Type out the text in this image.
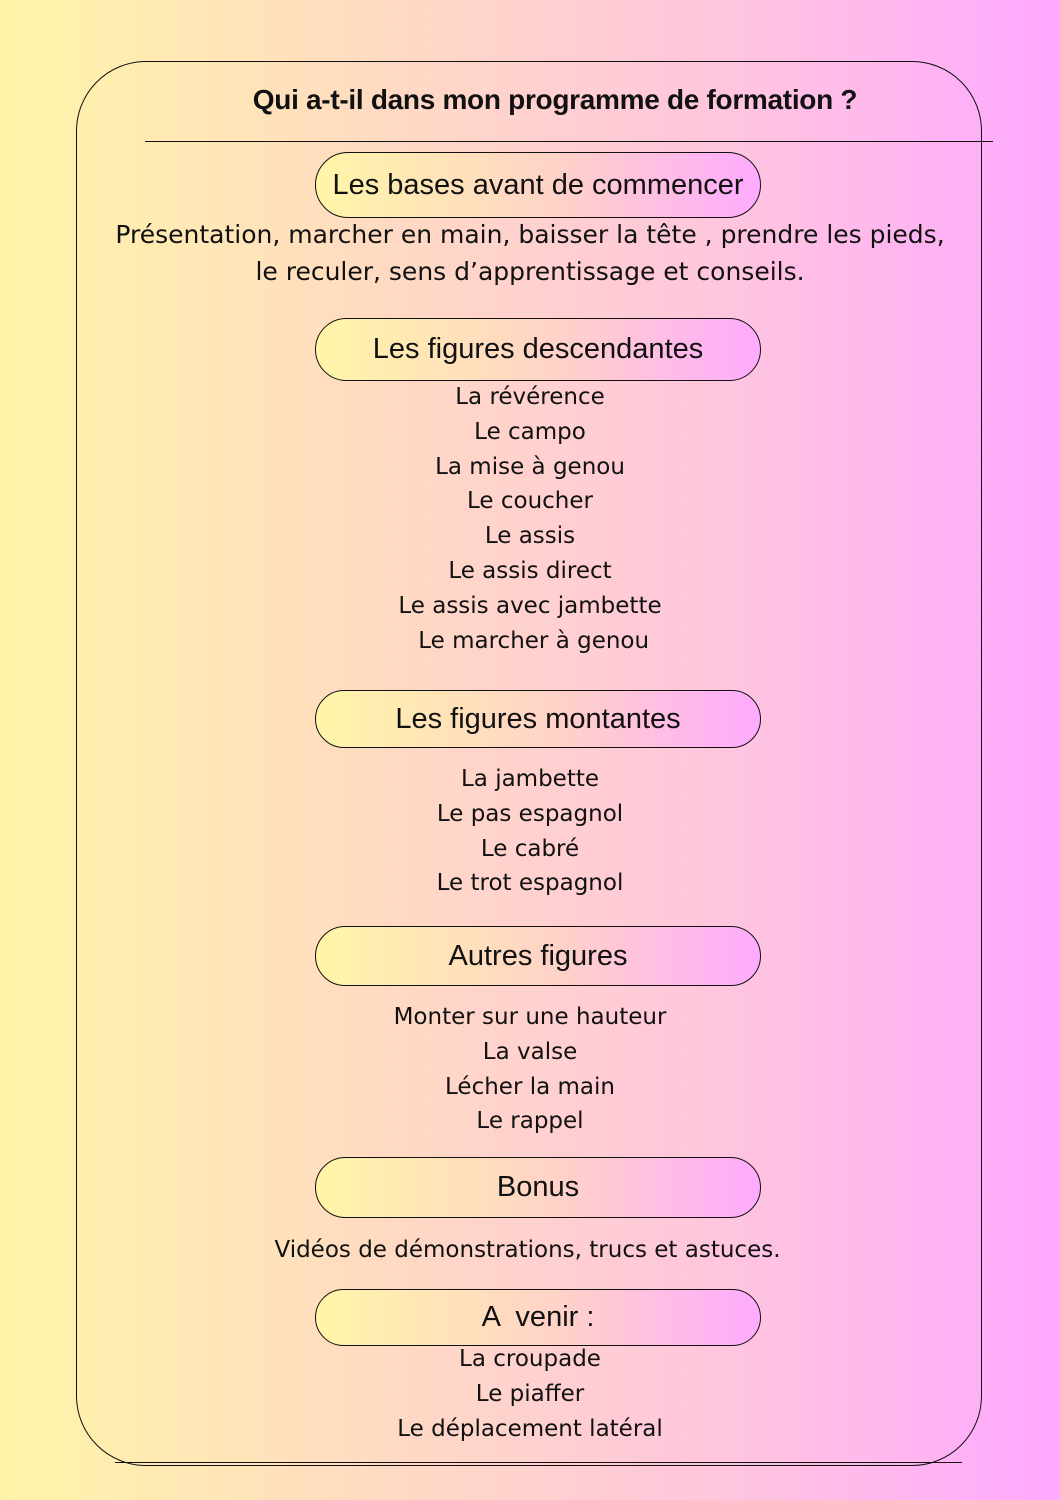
Qui a-t-il dans mon programme de formation ?
Les bases avant de commencer

Présentation, marcher en main, baisser la tête , prendre les pieds,
le reculer, sens d’apprentissage et conseils.

Les figures descendantes
La révérence
Le campo
La mise à genou
Le coucher
Le assis
Le assis direct
Le assis avec jambette
Le marcher à genou
Les figures montantes
La jambette
Le pas espagnol
Le cabré
Le trot espagnol
Autres figures
Monter sur une hauteur
La valse
Lécher la main
Le rappel
Bonus

Vidéos de démonstrations, trucs et astuces.

A  venir :
La croupade
Le piaffer
Le déplacement latéral
